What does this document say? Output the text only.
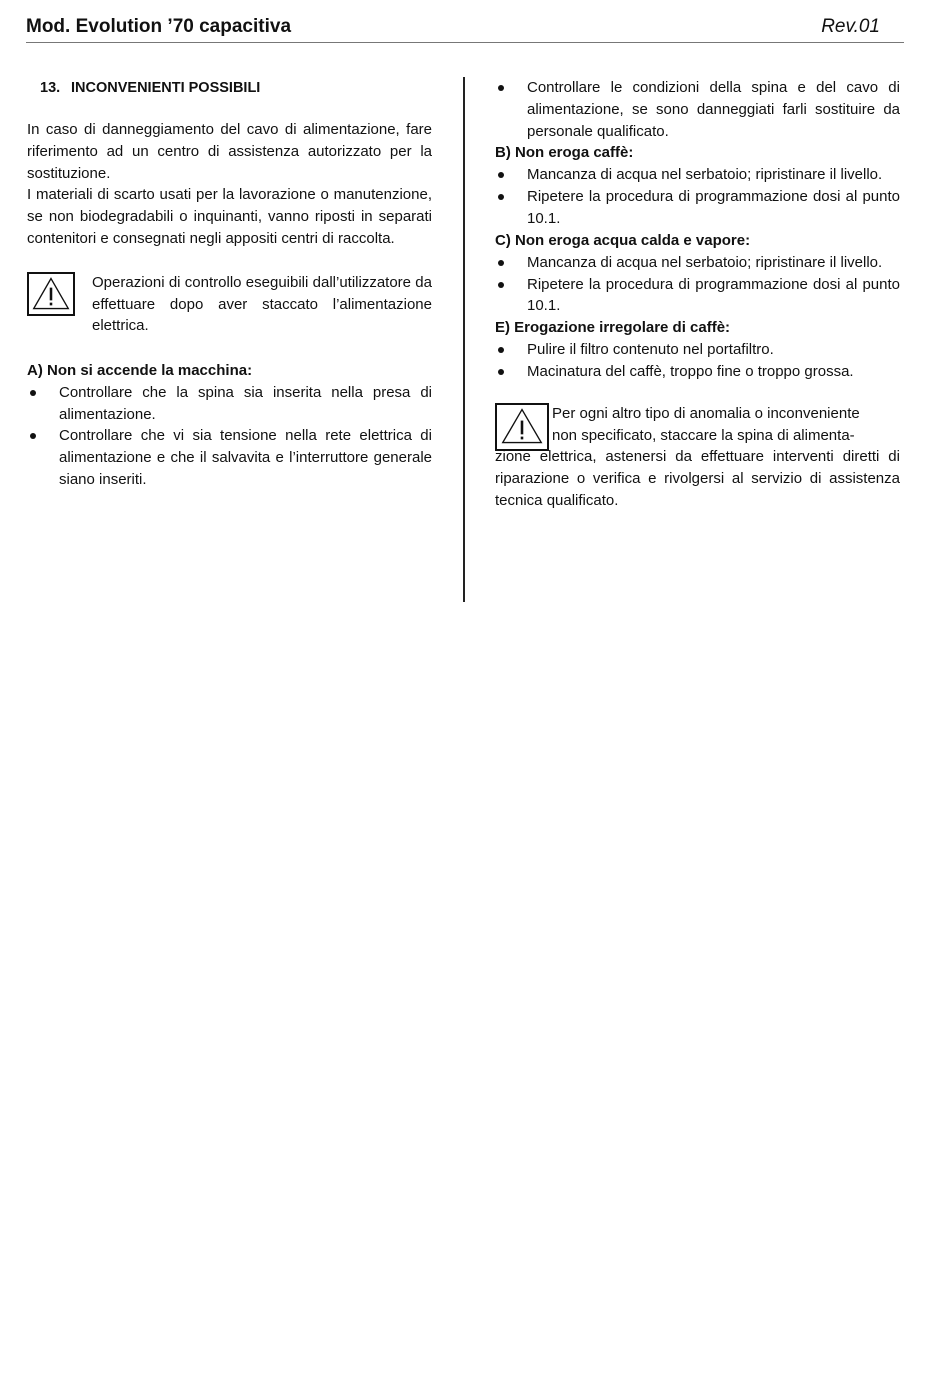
Mod. Evolution ’70 capacitiva	Rev.01
13. INCONVENIENTI POSSIBILI

In caso di danneggiamento del cavo di alimentazione, fare riferimento ad un centro di assistenza autorizzato per la sostituzione.

I materiali di scarto usati per la lavorazione o manutenzione, se non biodegradabili o inquinanti, vanno riposti in separati contenitori e consegnati negli appositi centri di raccolta.

Operazioni di controllo eseguibili dall’utilizzatore da effettuare dopo aver staccato l’alimentazione elettrica.

A) Non si accende la macchina:
Controllare che la spina sia inserita nella presa di alimentazione.
Controllare che vi sia tensione nella rete elettrica di alimentazione e che il salvavita e l’interruttore generale siano inseriti.
Controllare le condizioni della spina e del cavo di alimentazione, se sono danneggiati farli sostituire da personale qualificato.
B) Non eroga caffè:
Mancanza di acqua nel serbatoio; ripristinare il livello.
Ripetere la procedura di programmazione dosi al punto 10.1.
C) Non eroga acqua calda e vapore:
Mancanza di acqua nel serbatoio; ripristinare il livello.
Ripetere la procedura di programmazione dosi al punto 10.1.
E) Erogazione irregolare di caffè:
Pulire il filtro contenuto nel portafiltro.
Macinatura del caffè, troppo fine o troppo grossa.

Per ogni altro tipo di anomalia o inconveniente

non specificato, staccare la spina di alimenta-

zione elettrica, astenersi da effettuare interventi diretti di riparazione o verifica e rivolgersi al servizio di assistenza tecnica qualificato.
